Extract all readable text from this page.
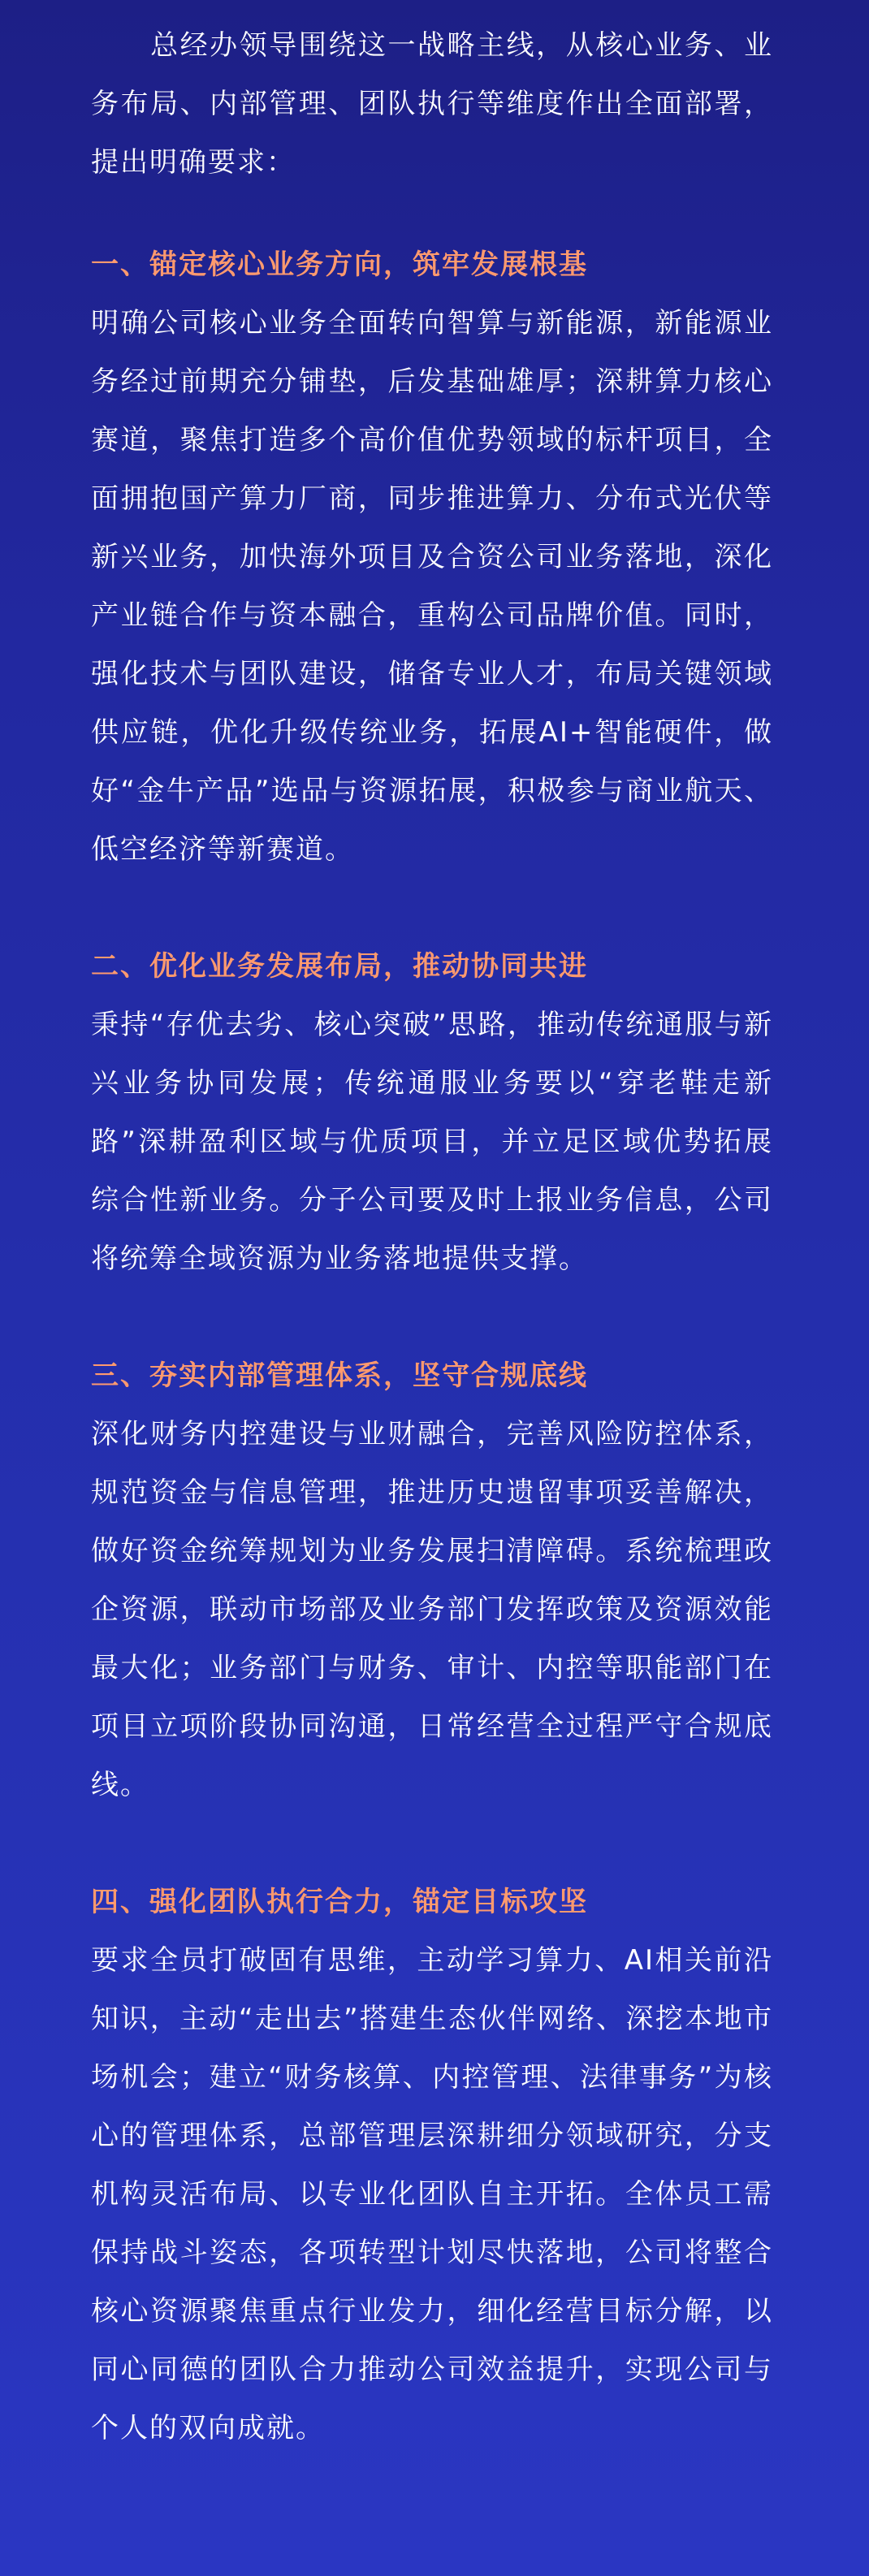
　　总经办领导围绕这一战略主线，从核心业务、业务布局、内部管理、团队执行等维度作出全面部署，提出明确要求：

一、锚定核心业务方向，筑牢发展根基

明确公司核心业务全面转向智算与新能源，新能源业务经过前期充分铺垫，后发基础雄厚；深耕算力核心赛道，聚焦打造多个高价值优势领域的标杆项目，全面拥抱国产算力厂商，同步推进算力、分布式光伏等新兴业务，加快海外项目及合资公司业务落地，深化产业链合作与资本融合，重构公司品牌价值。同时，强化技术与团队建设，储备专业人才，布局关键领域供应链，优化升级传统业务，拓展AI+智能硬件，做好“金牛产品”选品与资源拓展，积极参与商业航天、低空经济等新赛道。

二、优化业务发展布局，推动协同共进

秉持“存优去劣、核心突破”思路，推动传统通服与新兴业务协同发展；传统通服业务要以“穿老鞋走新路”深耕盈利区域与优质项目，并立足区域优势拓展综合性新业务。分子公司要及时上报业务信息，公司将统筹全域资源为业务落地提供支撑。

三、夯实内部管理体系，坚守合规底线

深化财务内控建设与业财融合，完善风险防控体系，规范资金与信息管理，推进历史遗留事项妥善解决，做好资金统筹规划为业务发展扫清障碍。系统梳理政企资源，联动市场部及业务部门发挥政策及资源效能最大化；业务部门与财务、审计、内控等职能部门在项目立项阶段协同沟通，日常经营全过程严守合规底线。

四、强化团队执行合力，锚定目标攻坚

要求全员打破固有思维，主动学习算力、AI相关前沿知识，主动“走出去”搭建生态伙伴网络、深挖本地市场机会；建立“财务核算、内控管理、法律事务”为核心的管理体系，总部管理层深耕细分领域研究，分支机构灵活布局、以专业化团队自主开拓。全体员工需保持战斗姿态，各项转型计划尽快落地，公司将整合核心资源聚焦重点行业发力，细化经营目标分解，以同心同德的团队合力推动公司效益提升，实现公司与个人的双向成就。
